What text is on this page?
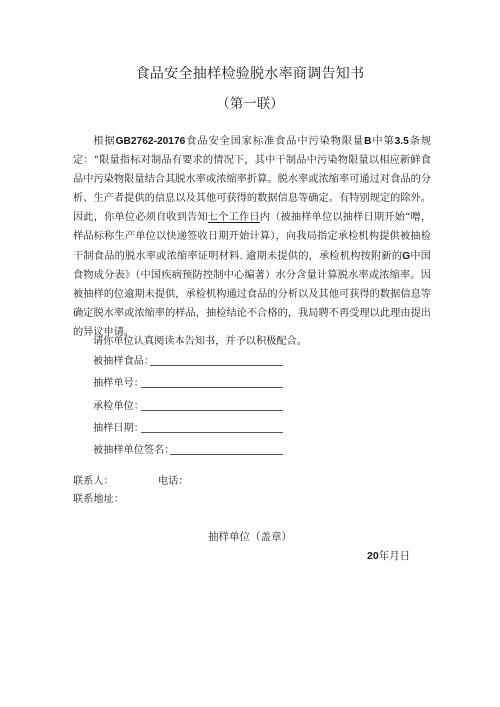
食品安全抽样检验脱水率商调告知书
（第一联）

根据GB2762-20176食品安全国家标准食品中污染物限量B中第3.5条规定：“限量指标对制品有要求的情况下，其中干制品中污染物限量以相应新鲜食品中污染物限量结合其脱水率或浓缩率折算。脱水率或浓缩率可通过对食品的分析、生产者提供的信息以及其他可获得的数据信息等确定。有特别规定的除外。因此，你单位必须自收到告知七个工作日内（被抽样单位以抽样日期开始“噌，样品标称生产单位以快递签收日期开始计算），向我局指定承检机构提供被抽检干制食品的脱水率或浓缩率证明材料. 逾期未提供的，承检机构按附新的G中国食物成分表》（中国疾病预防控制中心编著）水分含量计算脱水率或浓缩率。因被抽样的位逾期未提供，承检机构通过食品的分析以及其他可获得的数据信息等确定脱水率或浓缩率的样品，抽检结论不合格的，我局聘不再受理以此理由提出的异议申请。

请你单位认真阅读本告知书，并予以积极配合。
被抽样食品：
抽样单号：
承检单位：
抽样日期：
被抽样单位签名：
联系人：	电话：
联系地址：
抽样单位（盖章）
20年月日
